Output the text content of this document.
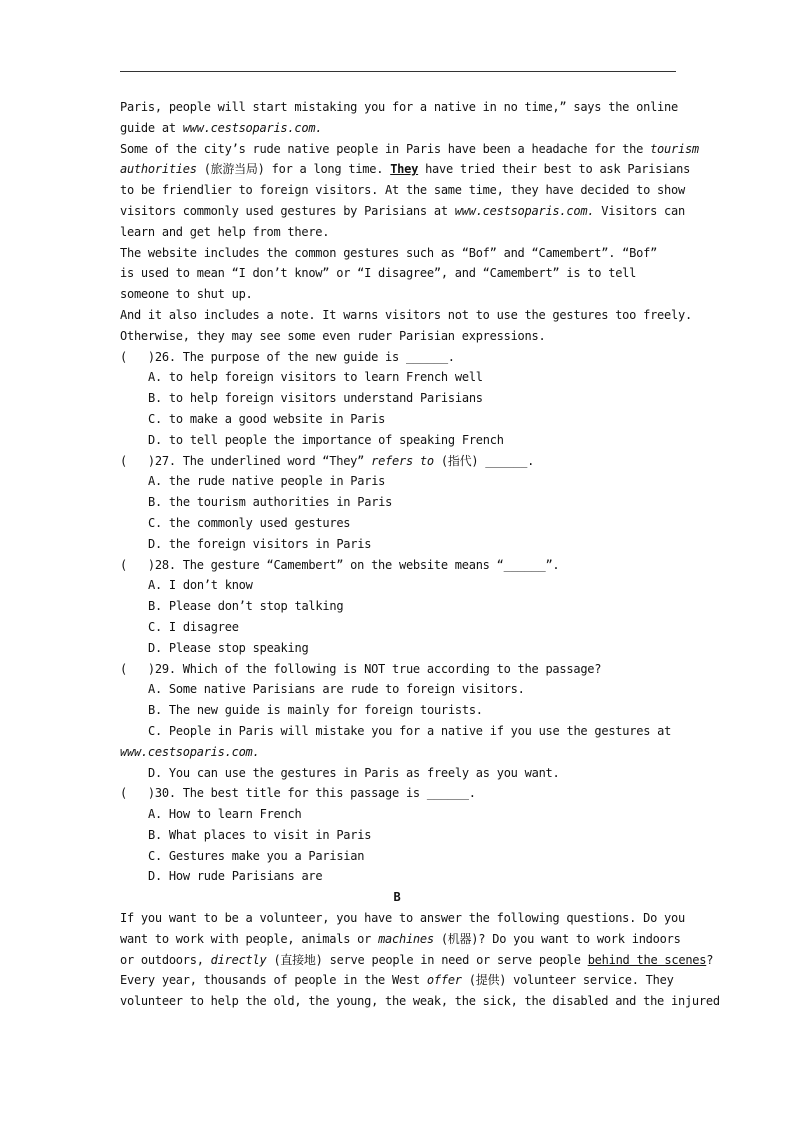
Paris, people will start mistaking you for a native in no time,” says the online
guide at www.cestsoparis.com.
Some of the city’s rude native people in Paris have been a headache for the tourism
authorities (旅游当局) for a long time. They have tried their best to ask Parisians
to be friendlier to foreign visitors. At the same time, they have decided to show
visitors commonly used gestures by Parisians at www.cestsoparis.com. Visitors can
learn and get help from there.
The website includes the common gestures such as “Bof” and “Camembert”. “Bof”
is used to mean “I don’t know” or “I disagree”, and “Camembert” is to tell
someone to shut up.
And it also includes a note. It warns visitors not to use the gestures too freely.
Otherwise, they may see some even ruder Parisian expressions.
(   )26. The purpose of the new guide is ______.
A. to help foreign visitors to learn French well
B. to help foreign visitors understand Parisians
C. to make a good website in Paris
D. to tell people the importance of speaking French
(   )27. The underlined word “They” refers to (指代) ______.
A. the rude native people in Paris
B. the tourism authorities in Paris
C. the commonly used gestures
D. the foreign visitors in Paris
(   )28. The gesture “Camembert” on the website means “______”.
A. I don’t know
B. Please don’t stop talking
C. I disagree
D. Please stop speaking
(   )29. Which of the following is NOT true according to the passage?
A. Some native Parisians are rude to foreign visitors.
B. The new guide is mainly for foreign tourists.
C. People in Paris will mistake you for a native if you use the gestures at
www.cestsoparis.com.
D. You can use the gestures in Paris as freely as you want.
(   )30. The best title for this passage is ______.
A. How to learn French
B. What places to visit in Paris
C. Gestures make you a Parisian
D. How rude Parisians are
B
If you want to be a volunteer, you have to answer the following questions. Do you
want to work with people, animals or machines (机器)? Do you want to work indoors
or outdoors, directly (直接地) serve people in need or serve people behind the scenes?
Every year, thousands of people in the West offer (提供) volunteer service. They
volunteer to help the old, the young, the weak, the sick, the disabled and the injured
